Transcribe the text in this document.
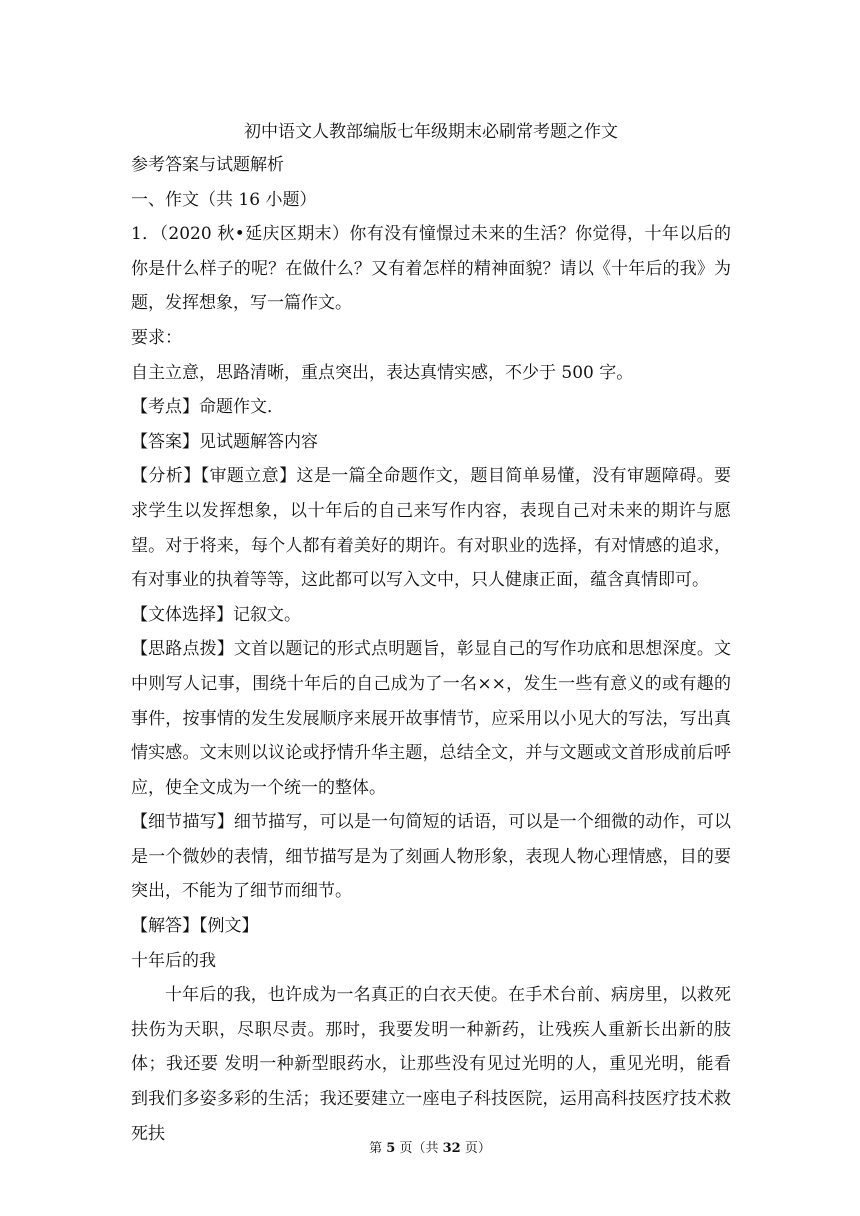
初中语文人教部编版七年级期末必刷常考题之作文
参考答案与试题解析
一、作文（共 16 小题）
1．（2020 秋•延庆区期末）你有没有憧憬过未来的生活？你觉得，十年以后的你是什么样子的呢？在做什么？又有着怎样的精神面貌？请以《十年后的我》为题，发挥想象，写一篇作文。
要求：
自主立意，思路清晰，重点突出，表达真情实感，不少于 500 字。
【考点】命题作文．
【答案】见试题解答内容
【分析】【审题立意】这是一篇全命题作文，题目简单易懂，没有审题障碍。要求学生以发挥想象，以十年后的自己来写作内容，表现自己对未来的期许与愿望。对于将来，每个人都有着美好的期许。有对职业的选择，有对情感的追求，有对事业的执着等等，这此都可以写入文中，只人健康正面，蕴含真情即可。
【文体选择】记叙文。
【思路点拨】文首以题记的形式点明题旨，彰显自己的写作功底和思想深度。文中则写人记事，围绕十年后的自己成为了一名××，发生一些有意义的或有趣的事件，按事情的发生发展顺序来展开故事情节，应采用以小见大的写法，写出真情实感。文末则以议论或抒情升华主题，总结全文，并与文题或文首形成前后呼应，使全文成为一个统一的整体。
【细节描写】细节描写，可以是一句简短的话语，可以是一个细微的动作，可以是一个微妙的表情，细节描写是为了刻画人物形象，表现人物心理情感，目的要突出，不能为了细节而细节。
【解答】【例文】
十年后的我
十年后的我，也许成为一名真正的白衣天使。在手术台前、病房里，以救死扶伤为天职，尽职尽责。那时，我要发明一种新药，让残疾人重新长出新的肢体；我还要 发明一种新型眼药水，让那些没有见过光明的人，重见光明，能看到我们多姿多彩的生活；我还要建立一座电子科技医院，运用高科技医疗技术救死扶
第 5 页（共 32 页）
